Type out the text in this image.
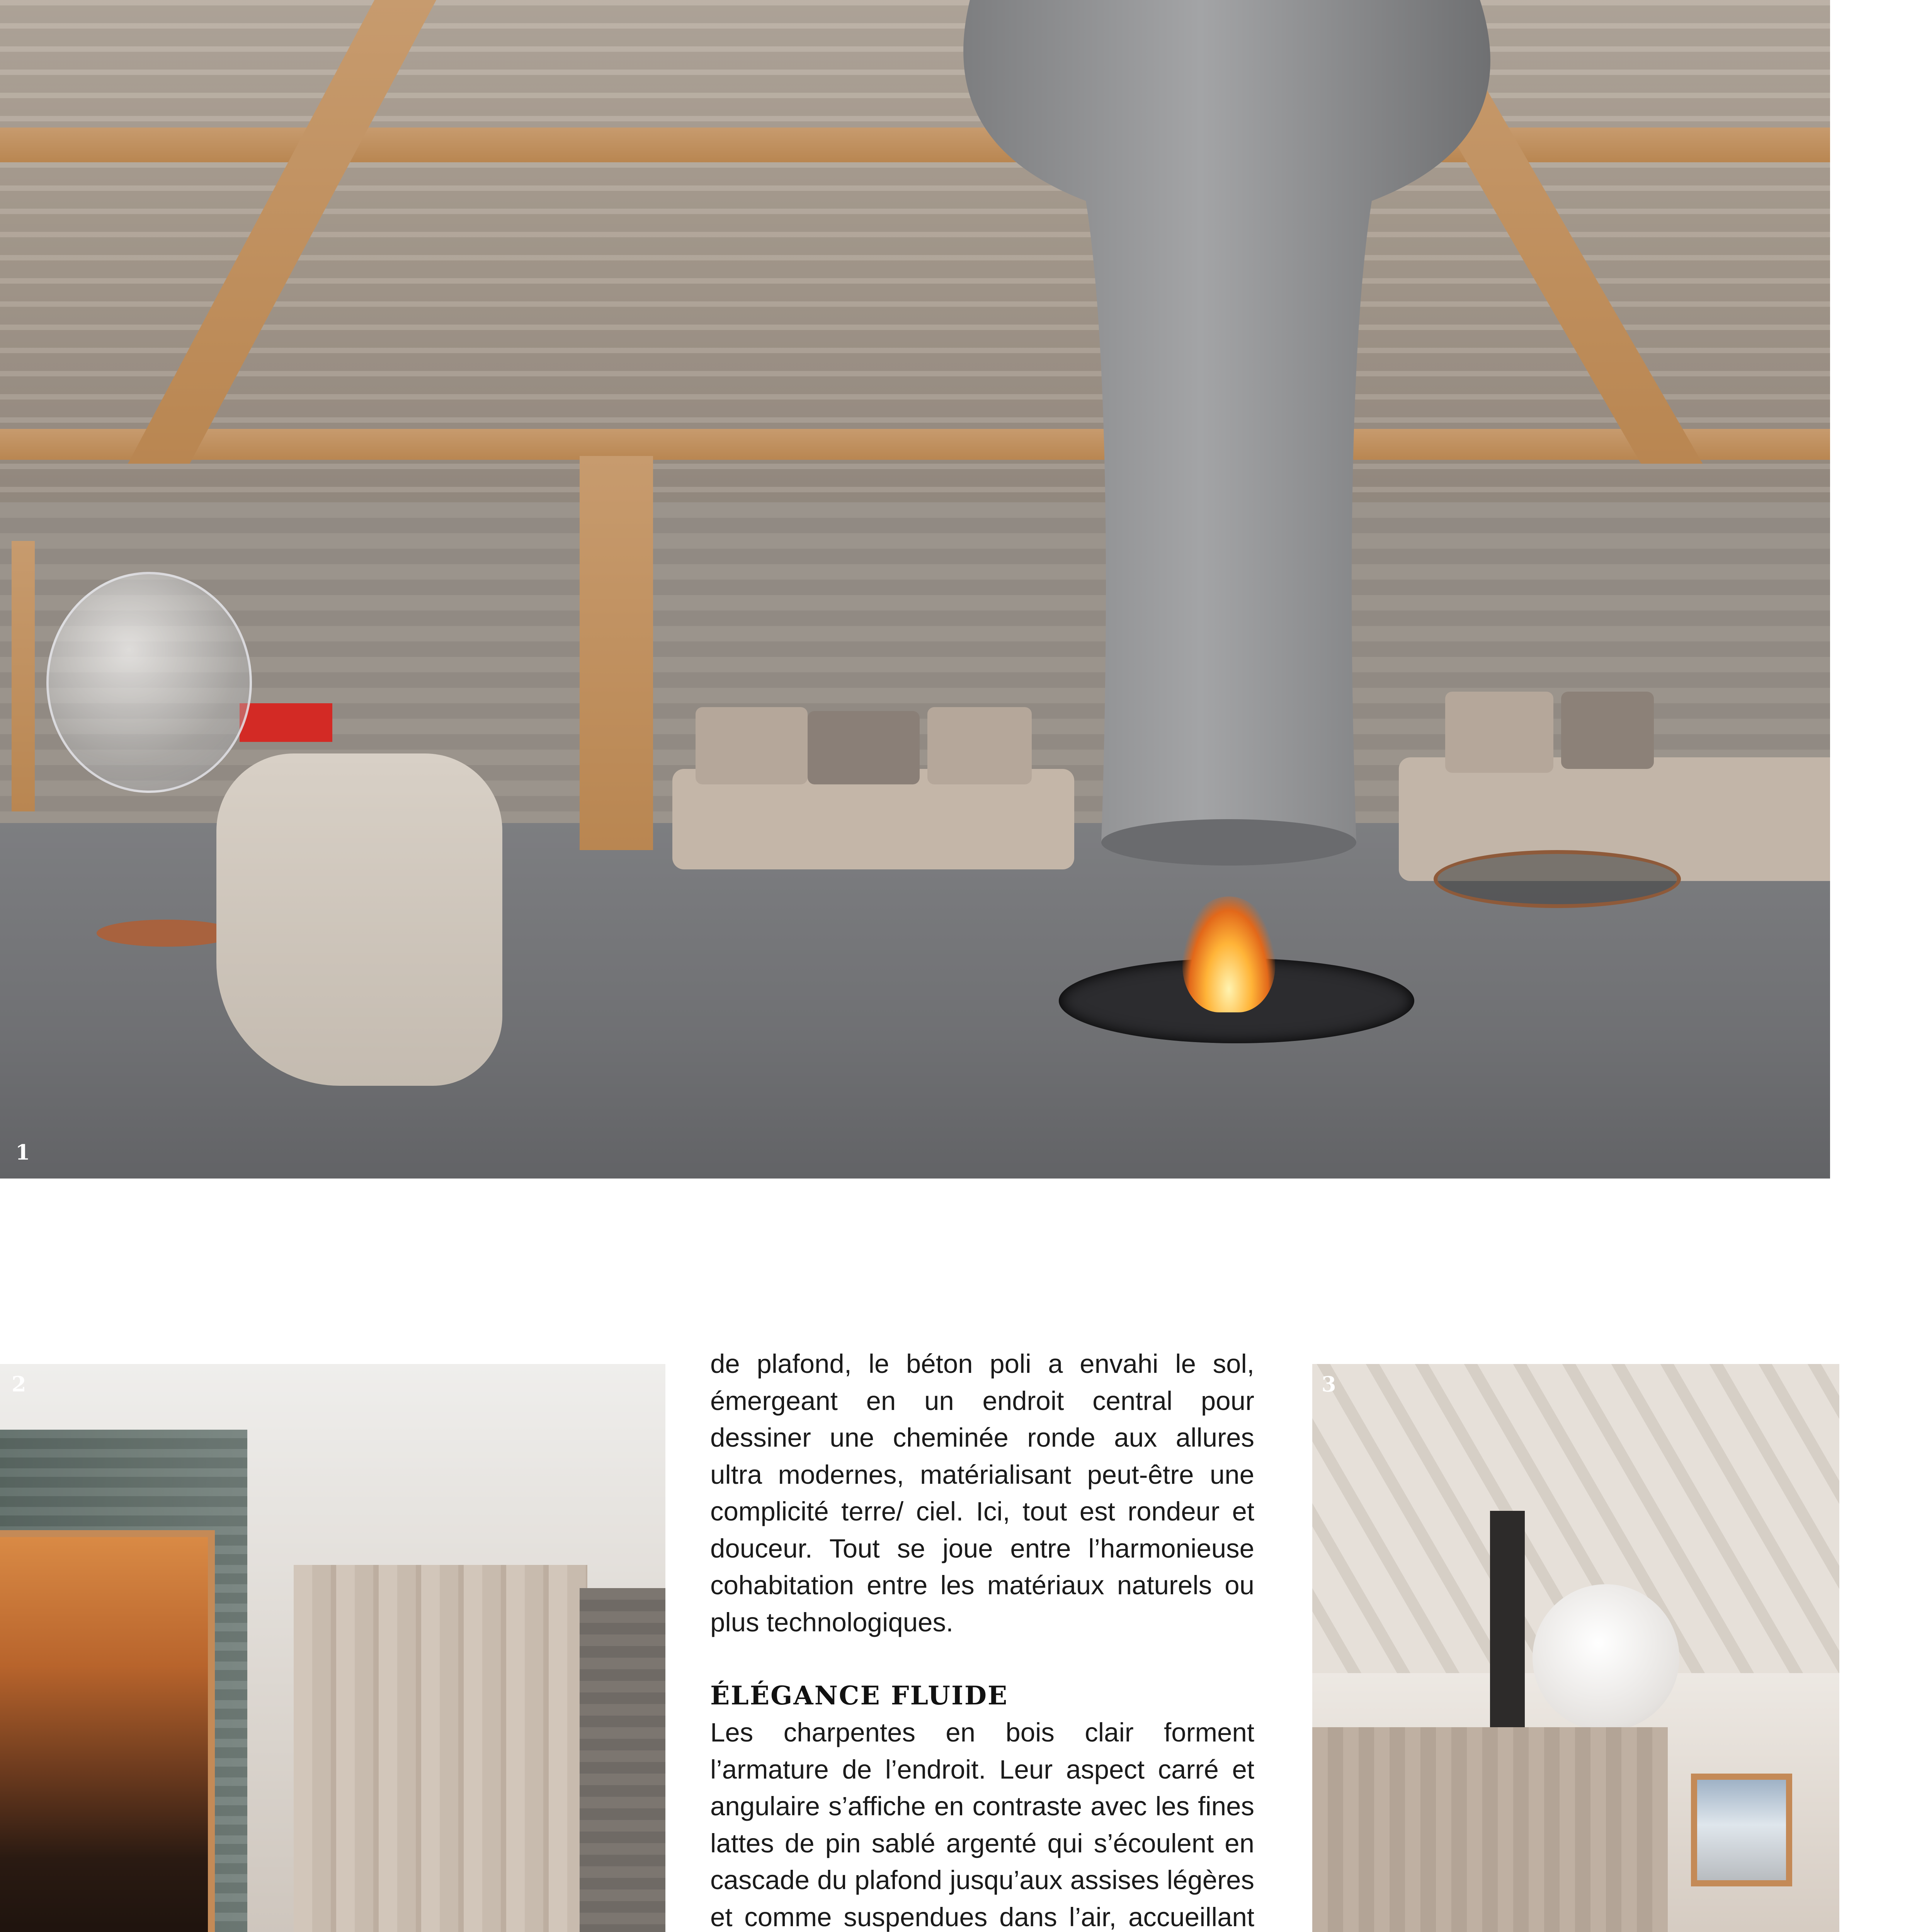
1
2

de plafond, le béton poli a envahi le sol, émergeant en un endroit central pour dessiner une cheminée ronde aux allures ultra modernes, matérialisant peut-être une complicité terre/ ciel. Ici, tout est rondeur et douceur. Tout se joue entre l’harmonieuse cohabitation entre les matériaux naturels ou plus technologiques.

ÉLÉGANCE FLUIDE

Les charpentes en bois clair forment l’armature de l’endroit. Leur aspect carré et angulaire s’affiche en contraste avec les fines lattes de pin sablé argenté qui s’écoulent en cascade du plafond jusqu’aux assises légères et comme suspendues dans l’air, accueillant

3
